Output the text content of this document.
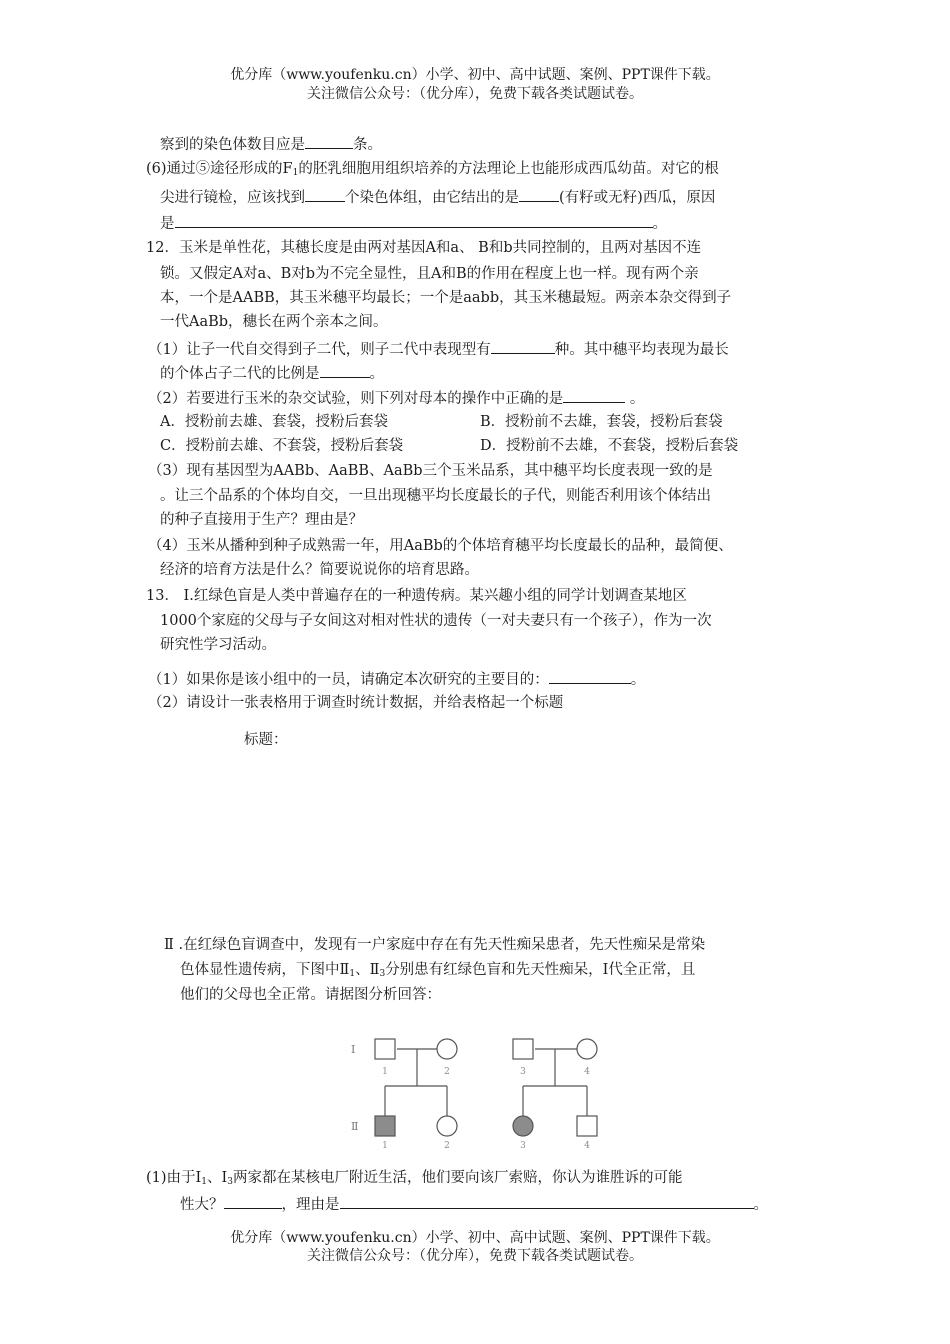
优分库（www.youfenku.cn）小学、初中、高中试题、案例、PPT课件下载。
关注微信公众号：（优分库），免费下载各类试题试卷。
察到的染色体数目应是	条。
(6)通过⑤途径形成的$F_1$的胚乳细胞用组织培养的方法理论上也能形成西瓜幼苗。对它的根
尖进行镜检，应该找到	个染色体组，由它结出的是	(有籽或无籽)西瓜，原因
是	。
12．玉米是单性花，其穗长度是由两对基因A和a、 B和b共同控制的，且两对基因不连
锁。又假定A对a、B对b为不完全显性，且A和B的作用在程度上也一样。现有两个亲
本，一个是AABB，其玉米穗平均最长；一个是aabb，其玉米穗最短。两亲本杂交得到子
一代AaBb，穗长在两个亲本之间。
（1）让子一代自交得到子二代，则子二代中表现型有	种。其中穗平均表现为最长
的个体占子二代的比例是	。
（2）若要进行玉米的杂交试验，则下列对母本的操作中正确的是	。
A．授粉前去雄、套袋，授粉后套袋	B．授粉前不去雄，套袋，授粉后套袋
C．授粉前去雄、不套袋，授粉后套袋	D．授粉前不去雄，不套袋，授粉后套袋
（3）现有基因型为AABb、AaBB、AaBb三个玉米品系，其中穗平均长度表现一致的是
。让三个品系的个体均自交，一旦出现穗平均长度最长的子代，则能否利用该个体结出
的种子直接用于生产？理由是？
（4）玉米从播种到种子成熟需一年，用AaBb的个体培育穗平均长度最长的品种，最简便、
经济的培育方法是什么？简要说说你的培育思路。
13． Ⅰ.红绿色盲是人类中普遍存在的一种遗传病。某兴趣小组的同学计划调查某地区
1000个家庭的父母与子女间这对相对性状的遗传（一对夫妻只有一个孩子），作为一次
研究性学习活动。
（1）如果你是该小组中的一员，请确定本次研究的主要目的：	。
（2）请设计一张表格用于调查时统计数据，并给表格起一个标题
标题：
Ⅱ .在红绿色盲调查中，发现有一户家庭中存在有先天性痴呆患者，先天性痴呆是常染
色体显性遗传病，下图中$Ⅱ_1$、$Ⅱ_3$分别患有红绿色盲和先天性痴呆，Ⅰ代全正常，且
他们的父母也全正常。请据图分析回答：
Ⅰ
Ⅱ
1	2	3	4
1	2	3	4
(1)由于$Ⅰ_1$、$Ⅰ_3$两家都在某核电厂附近生活，他们要向该厂索赔，你认为谁胜诉的可能
性大？	，理由是	。
优分库（www.youfenku.cn）小学、初中、高中试题、案例、PPT课件下载。
关注微信公众号：（优分库），免费下载各类试题试卷。
